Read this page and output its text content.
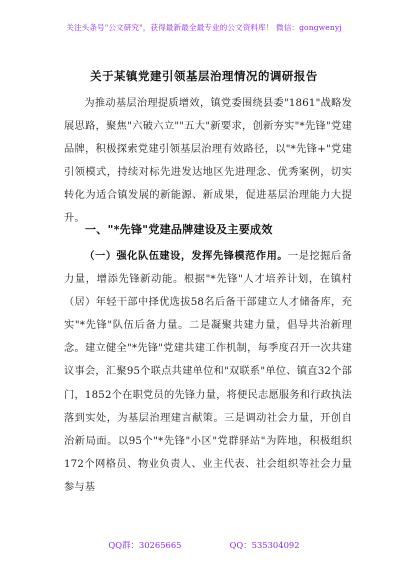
关注头条号"公文研究"，获得最新最全最专业的公文资料库！ 微信：gongwenyj
关于某镇党建引领基层治理情况的调研报告

为推动基层治理提质增效，镇党委围绕县委"1861"战略发展思路，聚焦"六破六立""五大"新要求，创新夯实"*先锋"党建品牌，积极探索党建引领基层治理有效路径，以"*先锋+"党建引领模式，持续对标先进发达地区先进理念、优秀案例，切实转化为适合镇发展的新能源、新成果，促进基层治理能力大提升。

一、"*先锋"党建品牌建设及主要成效

（一）强化队伍建设，发挥先锋模范作用。一是挖掘后备力量，增添先锋新动能。根据"*先锋"人才培养计划，在镇村（居）年轻干部中择优选拔58名后备干部建立人才储备库，充实"*先锋"队伍后备力量。二是凝聚共建力量，倡导共治新理念。建立健全"*先锋"党建共建工作机制，每季度召开一次共建议事会，汇聚95个联点共建单位和"双联系"单位、镇直32个部门，1852个在职党员的先锋力量，将便民志愿服务和行政执法落到实处，为基层治理建言献策。三是调动社会力量，开创自治新局面。以95个"*先锋"小区"党群驿站"为阵地，积极组织172个网格员、物业负责人、业主代表、社会组织等社会力量参与基

QQ群：30265665	QQ：535304092
